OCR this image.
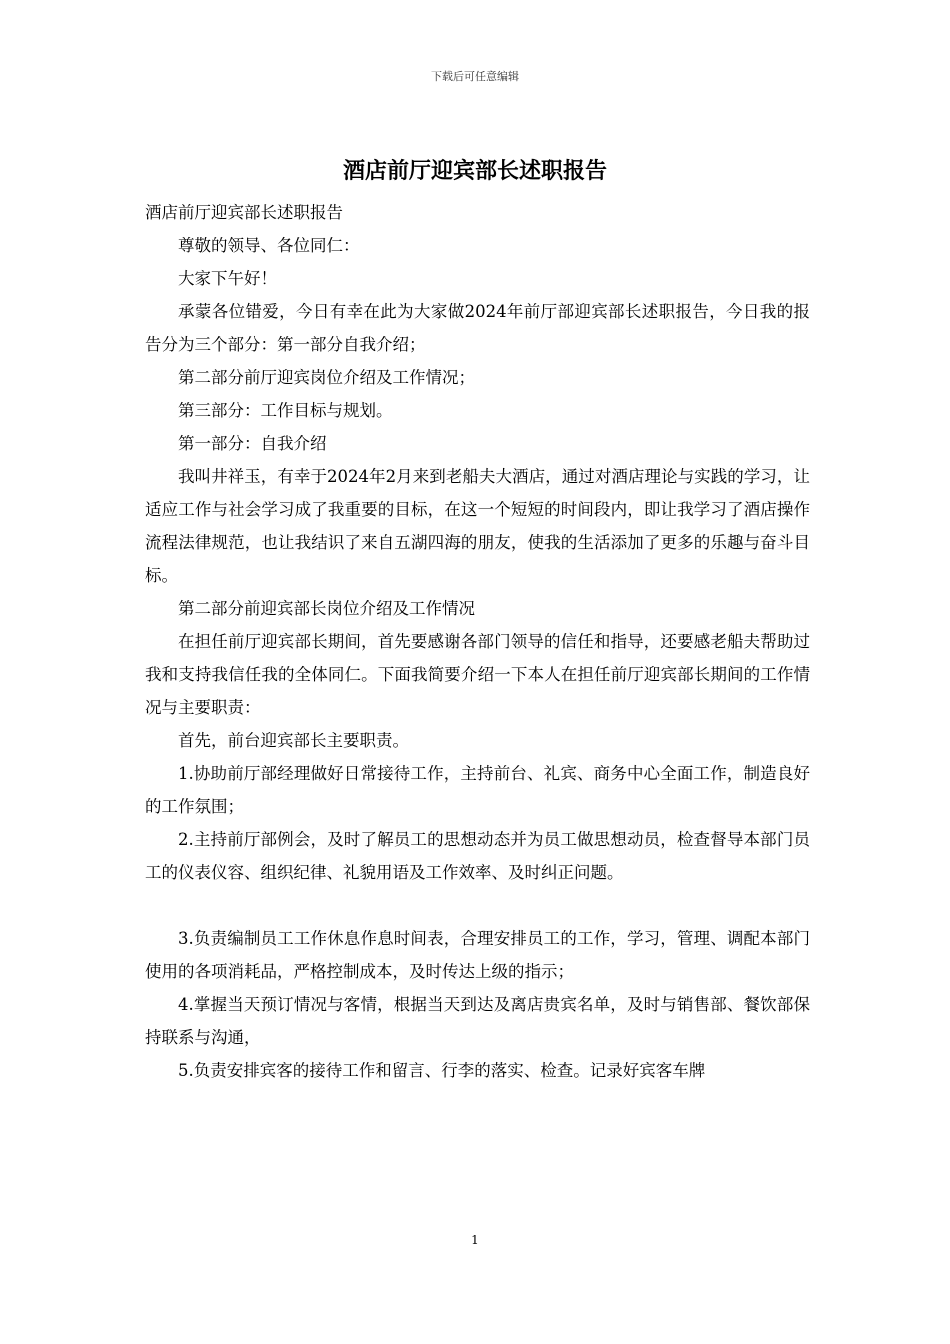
下载后可任意编辑
酒店前厅迎宾部长述职报告

酒店前厅迎宾部长述职报告

尊敬的领导、各位同仁：

大家下午好！

承蒙各位错爱，今日有幸在此为大家做2024年前厅部迎宾部长述职报告，今日我的报告分为三个部分：第一部分自我介绍；

第二部分前厅迎宾岗位介绍及工作情况；

第三部分：工作目标与规划。

第一部分：自我介绍

我叫井祥玉，有幸于2024年2月来到老船夫大酒店，通过对酒店理论与实践的学习，让适应工作与社会学习成了我重要的目标，在这一个短短的时间段内，即让我学习了酒店操作流程法律规范，也让我结识了来自五湖四海的朋友，使我的生活添加了更多的乐趣与奋斗目标。

第二部分前迎宾部长岗位介绍及工作情况

在担任前厅迎宾部长期间，首先要感谢各部门领导的信任和指导，还要感老船夫帮助过我和支持我信任我的全体同仁。下面我简要介绍一下本人在担任前厅迎宾部长期间的工作情况与主要职责：

首先，前台迎宾部长主要职责。

1.协助前厅部经理做好日常接待工作，主持前台、礼宾、商务中心全面工作，制造良好的工作氛围；

2.主持前厅部例会，及时了解员工的思想动态并为员工做思想动员，检查督导本部门员工的仪表仪容、组织纪律、礼貌用语及工作效率、及时纠正问题。

3.负责编制员工工作休息作息时间表，合理安排员工的工作，学习，管理、调配本部门使用的各项消耗品，严格控制成本，及时传达上级的指示；

4.掌握当天预订情况与客情，根据当天到达及离店贵宾名单，及时与销售部、餐饮部保持联系与沟通，

5.负责安排宾客的接待工作和留言、行李的落实、检查。记录好宾客车牌

1
